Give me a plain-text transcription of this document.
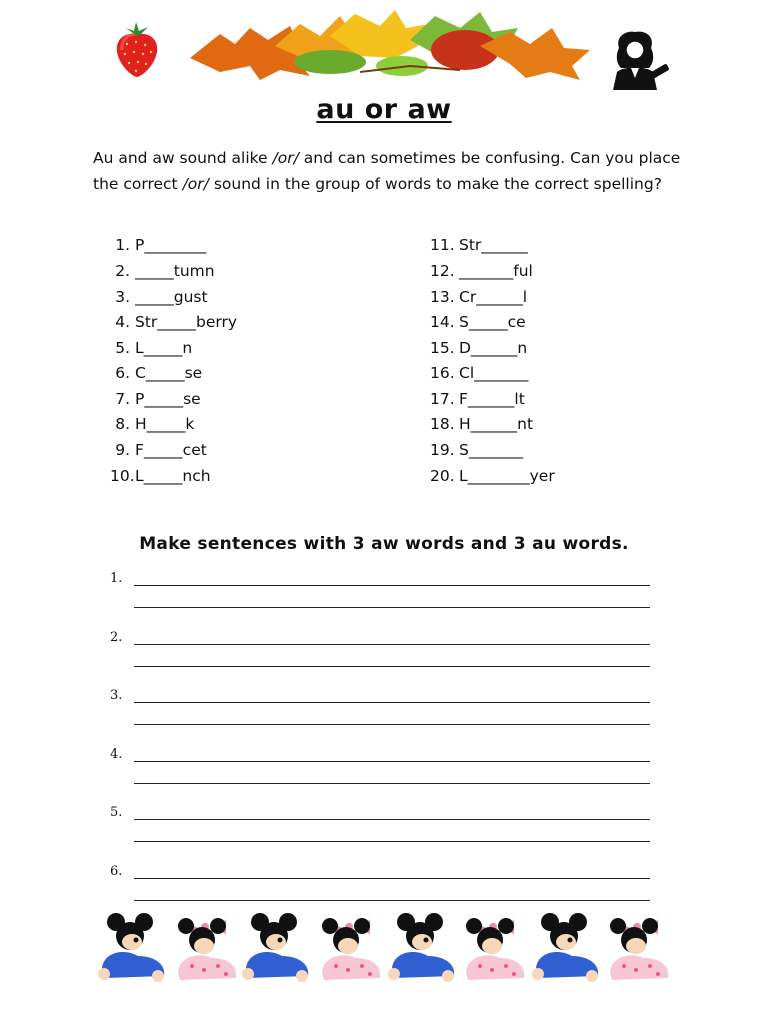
au or aw
Au and aw sound alike /or/ and can sometimes be confusing. Can you place the correct /or/ sound in the group of words to make the correct spelling?
1. P________
2. _____tumn
3. _____gust
4. Str_____berry
5. L_____n
6. C_____se
7. P_____se
8. H_____k
9. F_____cet
10.L_____nch
11. Str______
12. _______ful
13. Cr______l
14. S_____ce
15. D______n
16. Cl_______
17. F______lt
18. H______nt
19. S_______
20. L________yer
Make sentences with 3 aw words and 3 au words.
1.
2.
3.
4.
5.
6.
